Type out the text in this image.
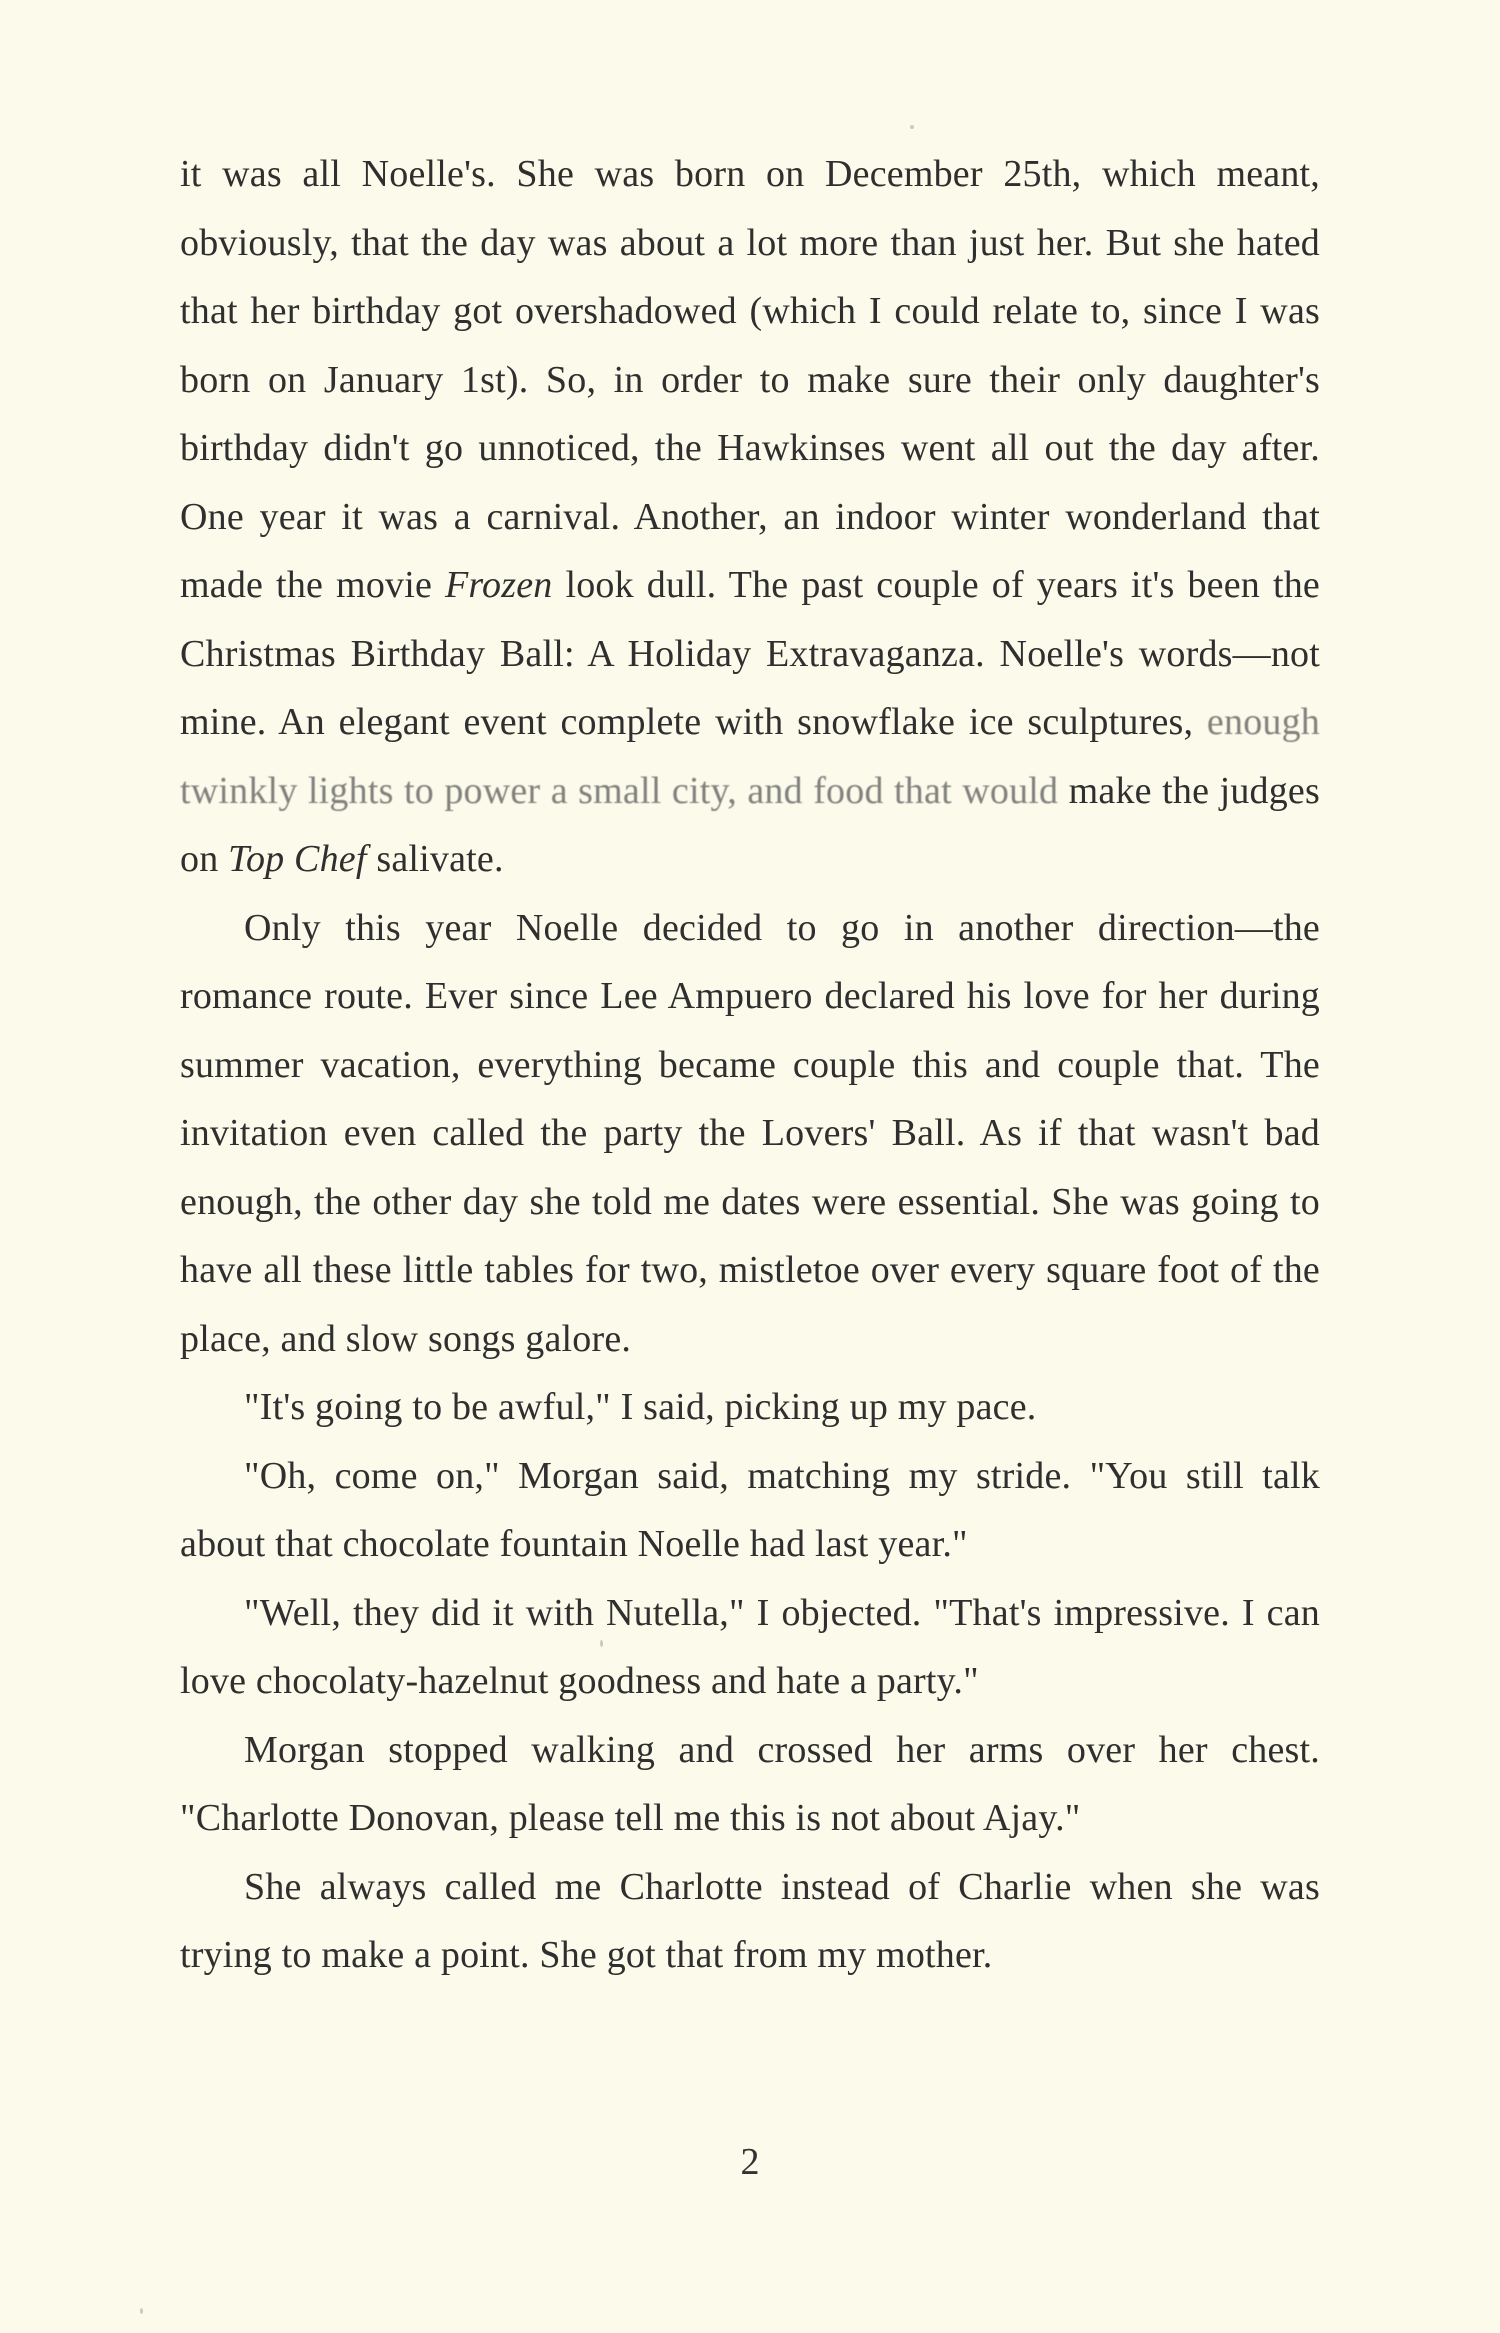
it was all Noelle's. She was born on December 25th, which meant, obviously, that the day was about a lot more than just her. But she hated that her birthday got overshadowed (which I could relate to, since I was born on January 1st). So, in order to make sure their only daughter's birthday didn't go unnoticed, the Hawkinses went all out the day after. One year it was a carnival. Another, an indoor winter wonderland that made the movie Frozen look dull. The past couple of years it's been the Christmas Birthday Ball: A Holiday Extravaganza. Noelle's words—not mine. An elegant event complete with snowflake ice sculptures, enough twinkly lights to power a small city, and food that would make the judges on Top Chef salivate.

Only this year Noelle decided to go in another direction—the romance route. Ever since Lee Ampuero declared his love for her during summer vacation, everything became couple this and couple that. The invitation even called the party the Lovers' Ball. As if that wasn't bad enough, the other day she told me dates were essential. She was going to have all these little tables for two, mistletoe over every square foot of the place, and slow songs galore.

"It's going to be awful," I said, picking up my pace.

"Oh, come on," Morgan said, matching my stride. "You still talk about that chocolate fountain Noelle had last year."

"Well, they did it with Nutella," I objected. "That's impressive. I can love chocolaty-hazelnut goodness and hate a party."

Morgan stopped walking and crossed her arms over her chest. "Charlotte Donovan, please tell me this is not about Ajay."

She always called me Charlotte instead of Charlie when she was trying to make a point. She got that from my mother.

2
